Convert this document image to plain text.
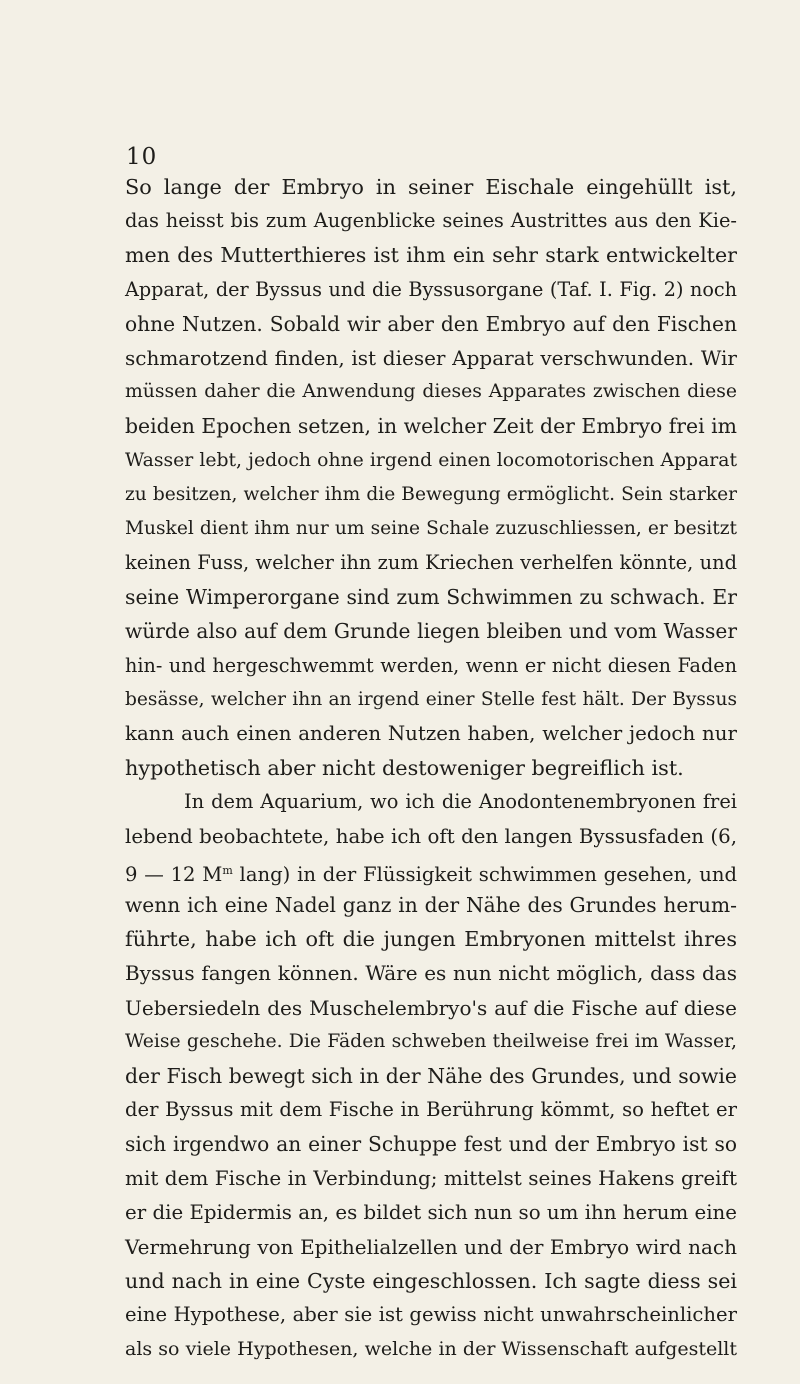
10
So lange der Embryo in seiner Eischale eingehüllt ist,
das heisst bis zum Augenblicke seines Austrittes aus den Kie-
men des Mutterthieres ist ihm ein sehr stark entwickelter
Apparat, der Byssus und die Byssusorgane (Taf. I. Fig. 2) noch
ohne Nutzen. Sobald wir aber den Embryo auf den Fischen
schmarotzend finden, ist dieser Apparat verschwunden. Wir
müssen daher die Anwendung dieses Apparates zwischen diese
beiden Epochen setzen, in welcher Zeit der Embryo frei im
Wasser lebt, jedoch ohne irgend einen locomotorischen Apparat
zu besitzen, welcher ihm die Bewegung ermöglicht. Sein starker
Muskel dient ihm nur um seine Schale zuzuschliessen, er besitzt
keinen Fuss, welcher ihn zum Kriechen verhelfen könnte, und
seine Wimperorgane sind zum Schwimmen zu schwach. Er
würde also auf dem Grunde liegen bleiben und vom Wasser
hin- und hergeschwemmt werden, wenn er nicht diesen Faden
besässe, welcher ihn an irgend einer Stelle fest hält. Der Byssus
kann auch einen anderen Nutzen haben, welcher jedoch nur
hypothetisch aber nicht destoweniger begreiflich ist.
In dem Aquarium, wo ich die Anodontenembryonen frei
lebend beobachtete, habe ich oft den langen Byssusfaden (6,
9 — 12 $M^m$ lang) in der Flüssigkeit schwimmen gesehen, und
wenn ich eine Nadel ganz in der Nähe des Grundes herum-
führte, habe ich oft die jungen Embryonen mittelst ihres
Byssus fangen können. Wäre es nun nicht möglich, dass das
Uebersiedeln des Muschelembryo's auf die Fische auf diese
Weise geschehe. Die Fäden schweben theilweise frei im Wasser,
der Fisch bewegt sich in der Nähe des Grundes, und sowie
der Byssus mit dem Fische in Berührung kömmt, so heftet er
sich irgendwo an einer Schuppe fest und der Embryo ist so
mit dem Fische in Verbindung; mittelst seines Hakens greift
er die Epidermis an, es bildet sich nun so um ihn herum eine
Vermehrung von Epithelialzellen und der Embryo wird nach
und nach in eine Cyste eingeschlossen. Ich sagte diess sei
eine Hypothese, aber sie ist gewiss nicht unwahrscheinlicher
als so viele Hypothesen, welche in der Wissenschaft aufgestellt
